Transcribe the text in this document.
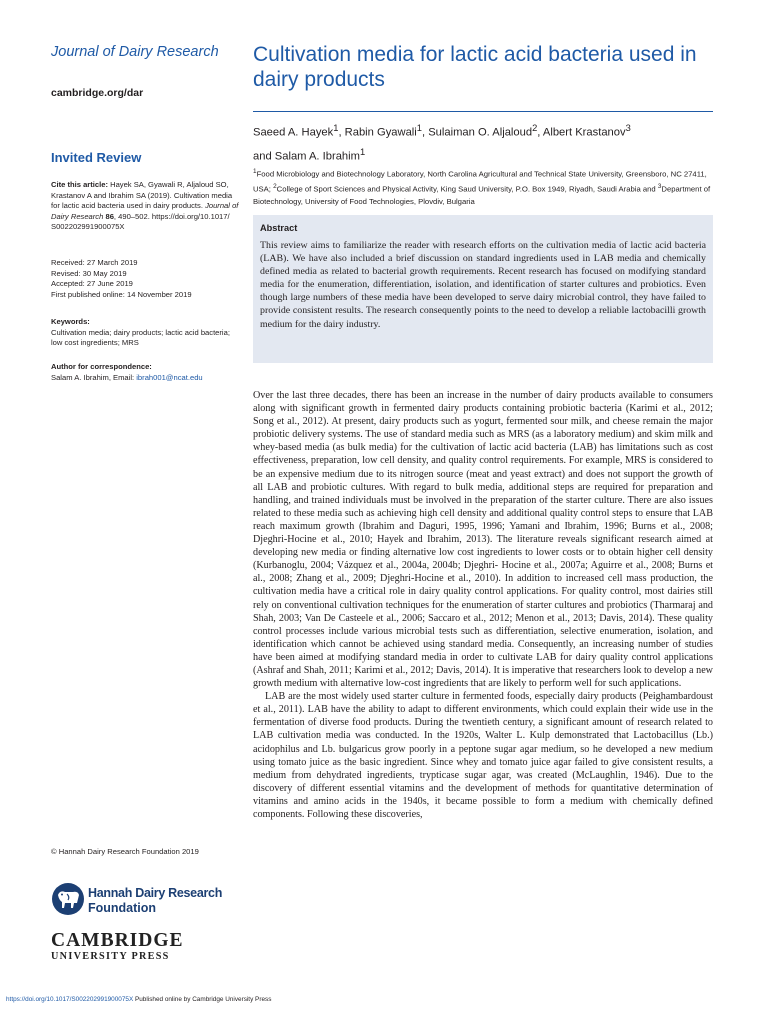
Journal of Dairy Research
cambridge.org/dar
Invited Review
Cite this article: Hayek SA, Gyawali R, Aljaloud SO, Krastanov A and Ibrahim SA (2019). Cultivation media for lactic acid bacteria used in dairy products. Journal of Dairy Research 86, 490–502. https://doi.org/10.1017/ S002202991900075X
Received: 27 March 2019
Revised: 30 May 2019
Accepted: 27 June 2019
First published online: 14 November 2019
Keywords:
Cultivation media; dairy products; lactic acid bacteria; low cost ingredients; MRS
Author for correspondence:
Salam A. Ibrahim, Email: ibrah001@ncat.edu
© Hannah Dairy Research Foundation 2019
Hannah Dairy Research
Foundation
CAMBRIDGE
UNIVERSITY PRESS
Cultivation media for lactic acid bacteria used in dairy products
Saeed A. Hayek$^1$, Rabin Gyawali$^1$, Sulaiman O. Aljaloud$^2$, Albert Krastanov$^3$
and Salam A. Ibrahim$^1$
$^1$Food Microbiology and Biotechnology Laboratory, North Carolina Agricultural and Technical State University, Greensboro, NC 27411, USA; $^2$College of Sport Sciences and Physical Activity, King Saud University, P.O. Box 1949, Riyadh, Saudi Arabia and $^3$Department of Biotechnology, University of Food Technologies, Plovdiv, Bulgaria
Abstract
This review aims to familiarize the reader with research efforts on the cultivation media of lactic acid bacteria (LAB). We have also included a brief discussion on standard ingredients used in LAB media and chemically defined media as related to bacterial growth requirements. Recent research has focused on modifying standard media for the enumeration, differentiation, isolation, and identification of starter cultures and probiotics. Even though large numbers of these media have been developed to serve dairy microbial control, they have failed to provide consistent results. The research consequently points to the need to develop a reliable lactobacilli growth medium for the dairy industry.

Over the last three decades, there has been an increase in the number of dairy products available to consumers along with significant growth in fermented dairy products containing probiotic bacteria (Karimi et al., 2012; Song et al., 2012). At present, dairy products such as yogurt, fermented sour milk, and cheese remain the major probiotic delivery systems. The use of standard media such as MRS (as a laboratory medium) and skim milk and whey-based media (as bulk media) for the cultivation of lactic acid bacteria (LAB) has limitations such as cost effectiveness, preparation, low cell density, and quality control requirements. For example, MRS is considered to be an expensive medium due to its nitrogen source (meat and yeast extract) and does not support the growth of all LAB and probiotic cultures. With regard to bulk media, additional steps are required for preparation and handling, and trained individuals must be involved in the preparation of the starter culture. There are also issues related to these media such as achieving high cell density and additional quality control steps to ensure that LAB reach maximum growth (Ibrahim and Daguri, 1995, 1996; Yamani and Ibrahim, 1996; Burns et al., 2008; Djeghri-Hocine et al., 2010; Hayek and Ibrahim, 2013). The literature reveals significant research aimed at developing new media or finding alternative low cost ingredients to lower costs or to obtain higher cell density (Kurbanoglu, 2004; Vázquez et al., 2004a, 2004b; Djeghri- Hocine et al., 2007a; Aguirre et al., 2008; Burns et al., 2008; Zhang et al., 2009; Djeghri-Hocine et al., 2010). In addition to increased cell mass production, the cultivation media have a critical role in dairy quality control applications. For quality control, most dairies still rely on conventional cultivation techniques for the enumeration of starter cultures and probiotics (Tharmaraj and Shah, 2003; Van De Casteele et al., 2006; Saccaro et al., 2012; Menon et al., 2013; Davis, 2014). These quality control processes include various microbial tests such as differentiation, selective enumeration, isolation, and identification which cannot be achieved using standard media. Consequently, an increasing number of studies have been aimed at modifying standard media in order to cultivate LAB for dairy quality control applications (Ashraf and Shah, 2011; Karimi et al., 2012; Davis, 2014). It is imperative that researchers look to develop a new growth medium with alternative low-cost ingredients that are likely to perform well for such applications.

LAB are the most widely used starter culture in fermented foods, especially dairy products (Peighambardoust et al., 2011). LAB have the ability to adapt to different environments, which could explain their wide use in the fermentation of diverse food products. During the twentieth century, a significant amount of research related to LAB cultivation media was conducted. In the 1920s, Walter L. Kulp demonstrated that Lactobacillus (Lb.) acidophilus and Lb. bulgaricus grow poorly in a peptone sugar agar medium, so he developed a new medium using tomato juice as the basic ingredient. Since whey and tomato juice agar failed to give consistent results, a medium from dehydrated ingredients, trypticase sugar agar, was created (McLaughlin, 1946). Due to the discovery of different essential vitamins and the development of methods for quantitative determination of vitamins and amino acids in the 1940s, it became possible to form a medium with chemically defined components. Following these discoveries,

https://doi.org/10.1017/S002202991900075X Published online by Cambridge University Press
